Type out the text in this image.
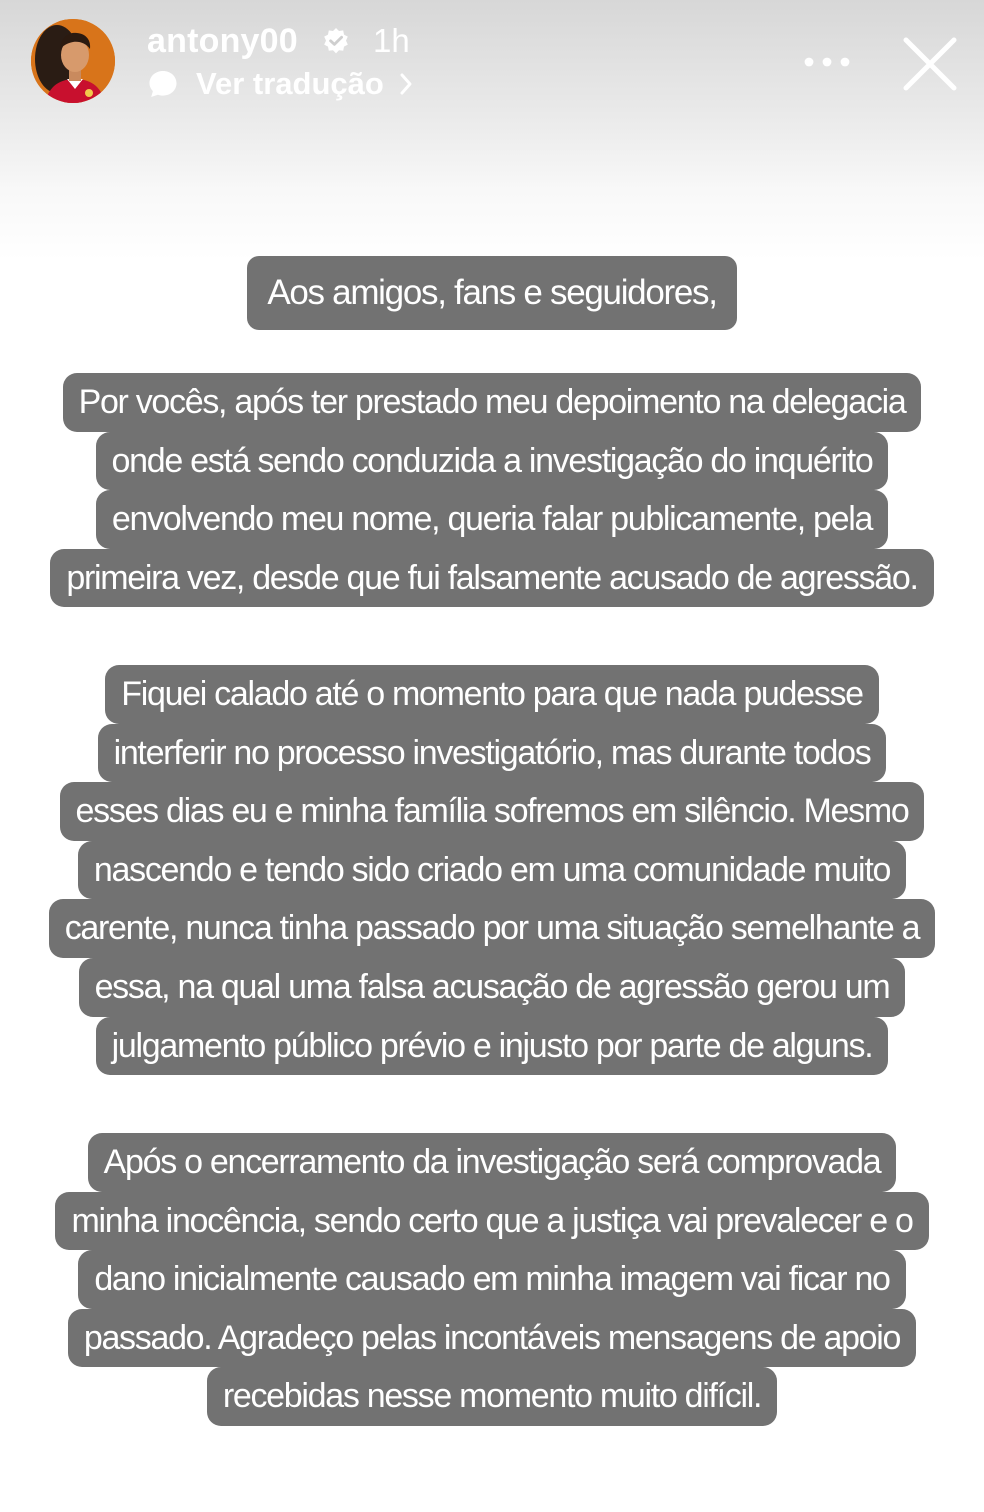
antony00 1h
Ver tradução
Aos amigos, fans e seguidores,
Por vocês, após ter prestado meu depoimento na delegacia
onde está sendo conduzida a investigação do inquérito
envolvendo meu nome, queria falar publicamente, pela
primeira vez, desde que fui falsamente acusado de agressão.
Fiquei calado até o momento para que nada pudesse
interferir no processo investigatório, mas durante todos
esses dias eu e minha família sofremos em silêncio. Mesmo
nascendo e tendo sido criado em uma comunidade muito
carente, nunca tinha passado por uma situação semelhante a
essa, na qual uma falsa acusação de agressão gerou um
julgamento público prévio e injusto por parte de alguns.
Após o encerramento da investigação será comprovada
minha inocência, sendo certo que a justiça vai prevalecer e o
dano inicialmente causado em minha imagem vai ficar no
passado. Agradeço pelas incontáveis mensagens de apoio
recebidas nesse momento muito difícil.
